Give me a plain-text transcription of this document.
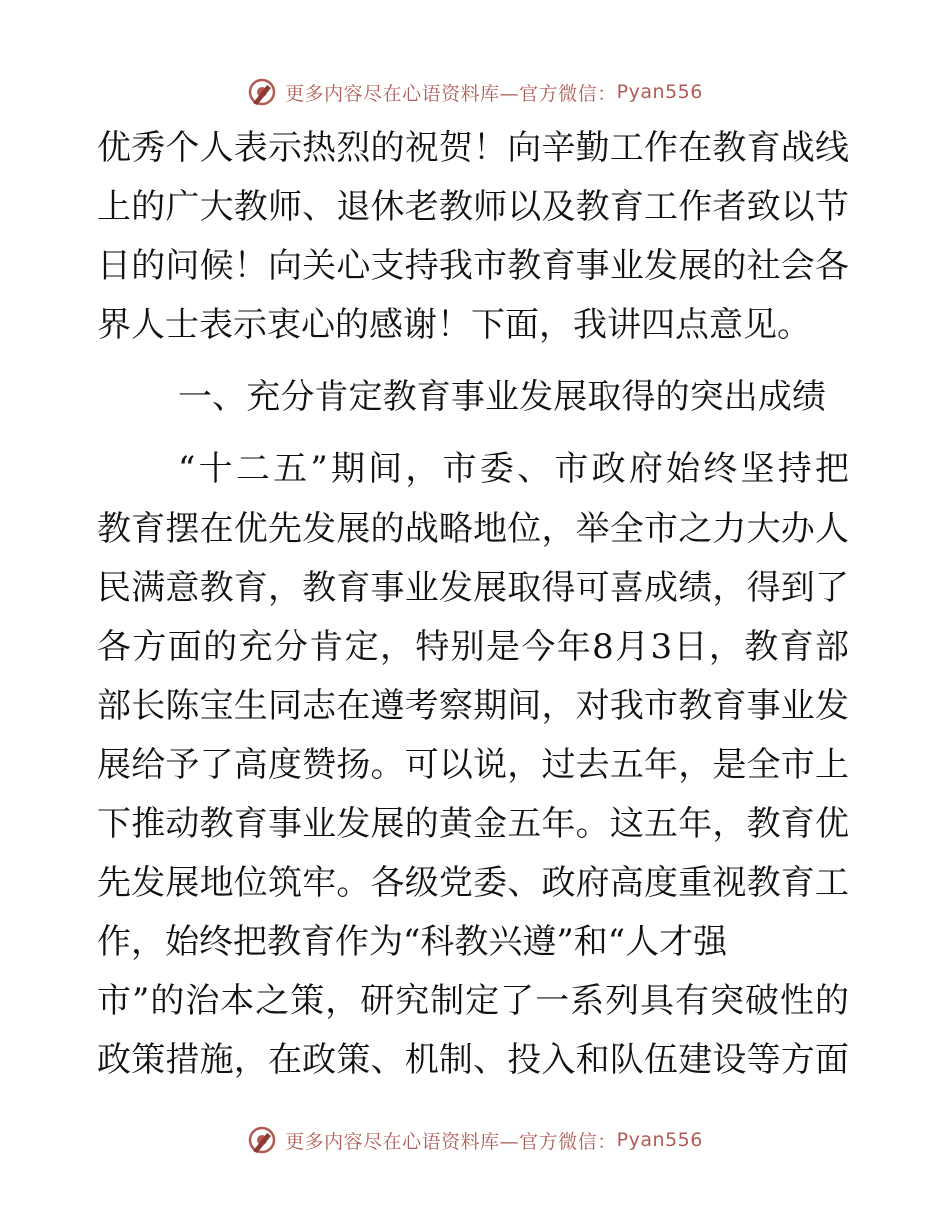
更多内容尽在心语资料库—官方微信： Pyan556
优秀个人表示热烈的祝贺！向辛勤工作在教育战线
上的广大教师、退休老教师以及教育工作者致以节
日的问候！向关心支持我市教育事业发展的社会各
界人士表示衷心的感谢！下面，我讲四点意见。
一、充分肯定教育事业发展取得的突出成绩
“十二五”期间，市委、市政府始终坚持把
教育摆在优先发展的战略地位，举全市之力大办人
民满意教育，教育事业发展取得可喜成绩，得到了
各方面的充分肯定，特别是今年8月3日，教育部
部长陈宝生同志在遵考察期间，对我市教育事业发
展给予了高度赞扬。可以说，过去五年，是全市上
下推动教育事业发展的黄金五年。这五年，教育优
先发展地位筑牢。各级党委、政府高度重视教育工
作，始终把教育作为“科教兴遵”和“人才强
市”的治本之策，研究制定了一系列具有突破性的
政策措施，在政策、机制、投入和队伍建设等方面
更多内容尽在心语资料库—官方微信： Pyan556
